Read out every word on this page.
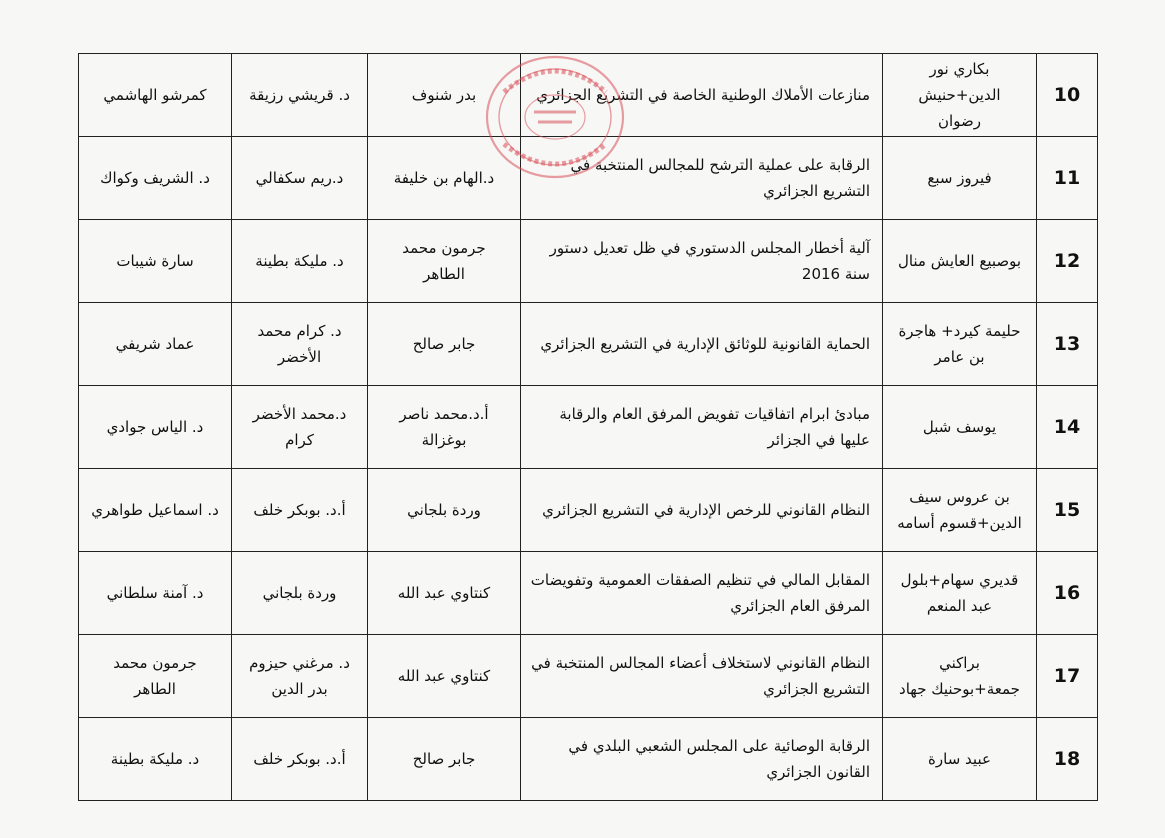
10	بكاري نور الدين+حنيش رضوان	منازعات الأملاك الوطنية الخاصة في التشريع الجزائري	بدر شنوف	د. قريشي رزيقة	كمرشو الهاشمي
11	فيروز سبع	الرقابة على عملية الترشح للمجالس المنتخبة في التشريع الجزائري	د.الهام بن خليفة	د.ريم سكفالي	د. الشريف وكواك
12	بوصبيع العايش منال	آلية أخطار المجلس الدستوري في ظل تعديل دستور سنة 2016	جرمون محمد الطاهر	د. مليكة بطينة	سارة شيبات
13	حليمة كيرد+ هاجرة بن عامر	الحماية القانونية للوثائق الإدارية في التشريع الجزائري	جابر صالح	د. كرام محمد الأخضر	عماد شريفي
14	يوسف شبل	مبادئ ابرام اتفاقيات تفويض المرفق العام والرقابة عليها في الجزائر	أ.د.محمد ناصر بوغزالة	د.محمد الأخضر كرام	د. الياس جوادي
15	بن عروس سيف الدين+قسوم أسامه	النظام القانوني للرخص الإدارية في التشريع الجزائري	وردة بلجاني	أ.د. بوبكر خلف	د. اسماعيل طواهري
16	قديري سهام+بلول عبد المنعم	المقابل المالي في تنظيم الصفقات العمومية وتفويضات المرفق العام الجزائري	كنتاوي عبد الله	وردة بلجاني	د. آمنة سلطاني
17	براكني جمعة+بوحنيك جهاد	النظام القانوني لاستخلاف أعضاء المجالس المنتخبة في التشريع الجزائري	كنتاوي عبد الله	د. مرغني حيزوم بدر الدين	جرمون محمد الطاهر
18	عبيد سارة	الرقابة الوصائية على المجلس الشعبي البلدي في القانون الجزائري	جابر صالح	أ.د. بوبكر خلف	د. مليكة بطينة
